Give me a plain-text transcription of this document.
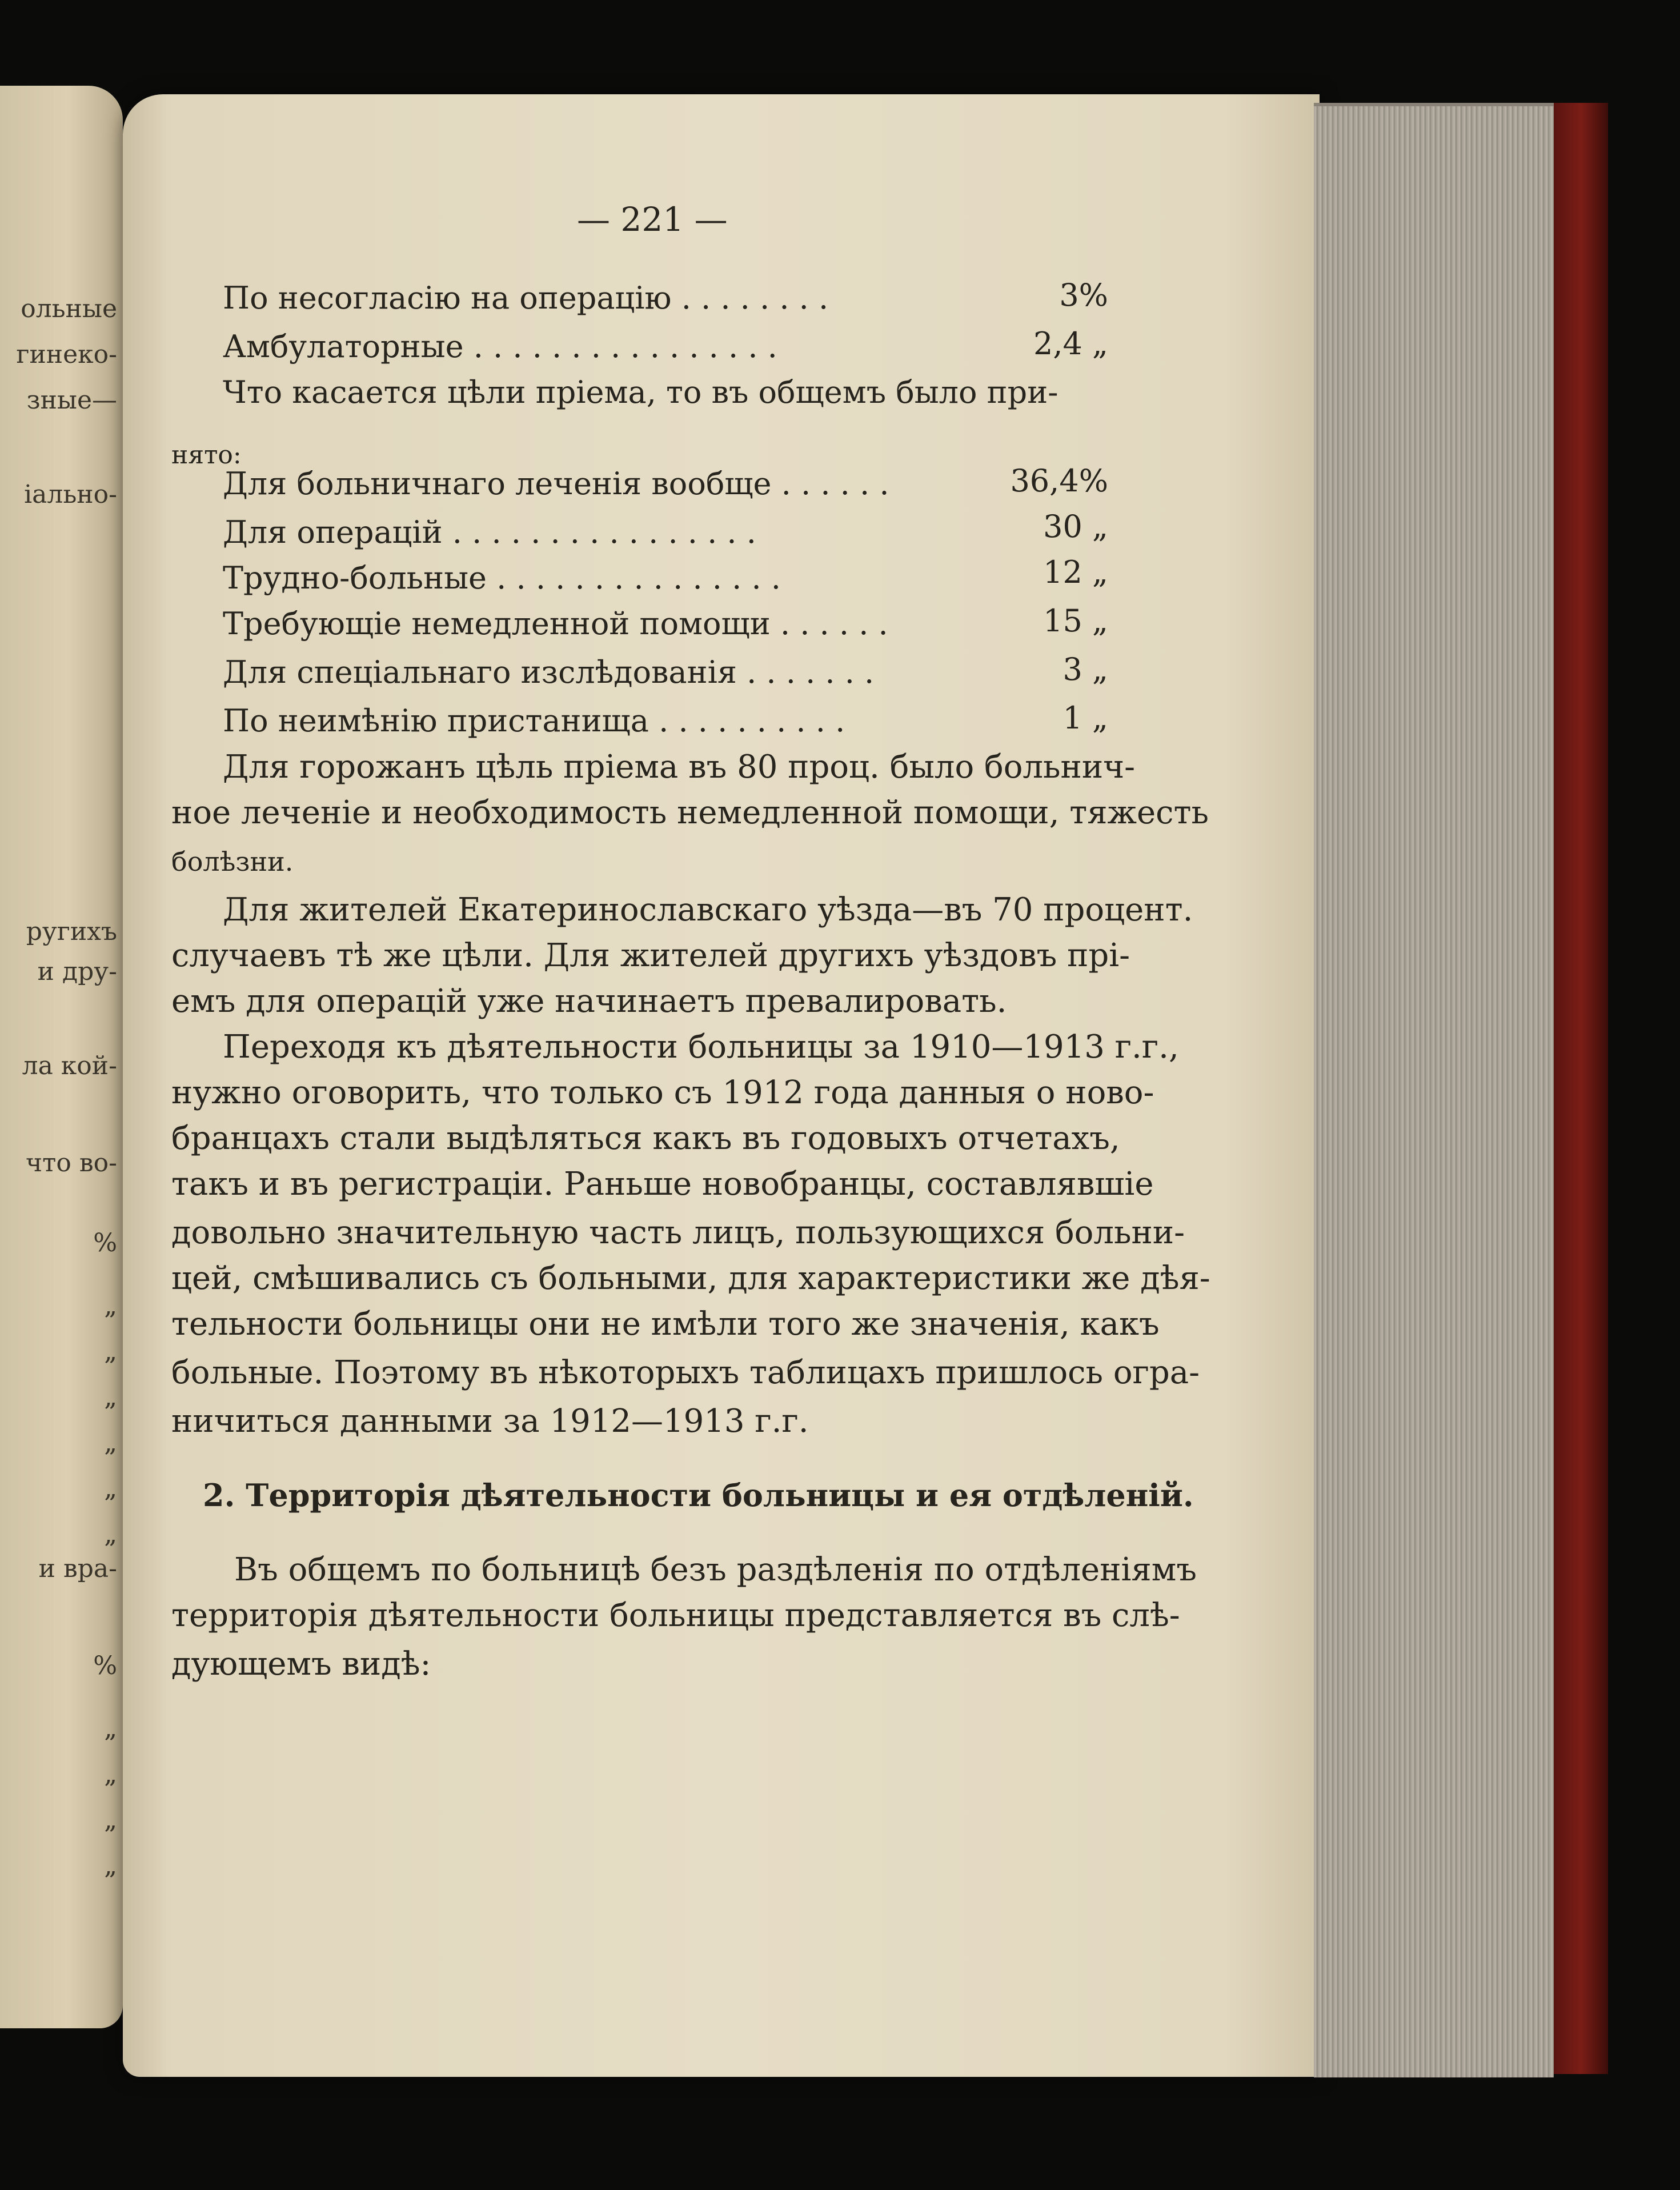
ольные
гинеко-
зные—
іально-
ругихъ
и дру-
ла кой-
что во-
%
„
„
„
„
„
„
и вра-
%
„
„
„
„
— 221 —
По несогласію на операцію . . . . . . . .	3%
Амбулаторные . . . . . . . . . . . . . . . .	2,4 „
Что касается цѣли пріема, то въ общемъ было при-
нято:
Для больничнаго леченія вообще . . . . . .	36,4%
Для операцій . . . . . . . . . . . . . . . .	30 „
Трудно-больные . . . . . . . . . . . . . . .	12 „
Требующіе немедленной помощи . . . . . .	15 „
Для спеціальнаго изслѣдованія . . . . . . .	3 „
По неимѣнію пристанища . . . . . . . . . .	1 „
Для горожанъ цѣль пріема въ 80 проц. было больнич-
ное леченіе и необходимость немедленной помощи, тяжесть
болѣзни.
Для жителей Екатеринославскаго уѣзда—въ 70 процент.
случаевъ тѣ же цѣли. Для жителей другихъ уѣздовъ прі-
емъ для операцій уже начинаетъ превалировать.
Переходя къ дѣятельности больницы за 1910—1913 г.г.,
нужно оговорить, что только съ 1912 года данныя о ново-
бранцахъ стали выдѣляться какъ въ годовыхъ отчетахъ,
такъ и въ регистраціи. Раньше новобранцы, составлявшіе
довольно значительную часть лицъ, пользующихся больни-
цей, смѣшивались съ больными, для характеристики же дѣя-
тельности больницы они не имѣли того же значенія, какъ
больные. Поэтому въ нѣкоторыхъ таблицахъ пришлось огра-
ничиться данными за 1912—1913 г.г.
2. Территорія дѣятельности больницы и ея отдѣленій.
Въ общемъ по больницѣ безъ раздѣленія по отдѣленіямъ
территорія дѣятельности больницы представляется въ слѣ-
дующемъ видѣ:
